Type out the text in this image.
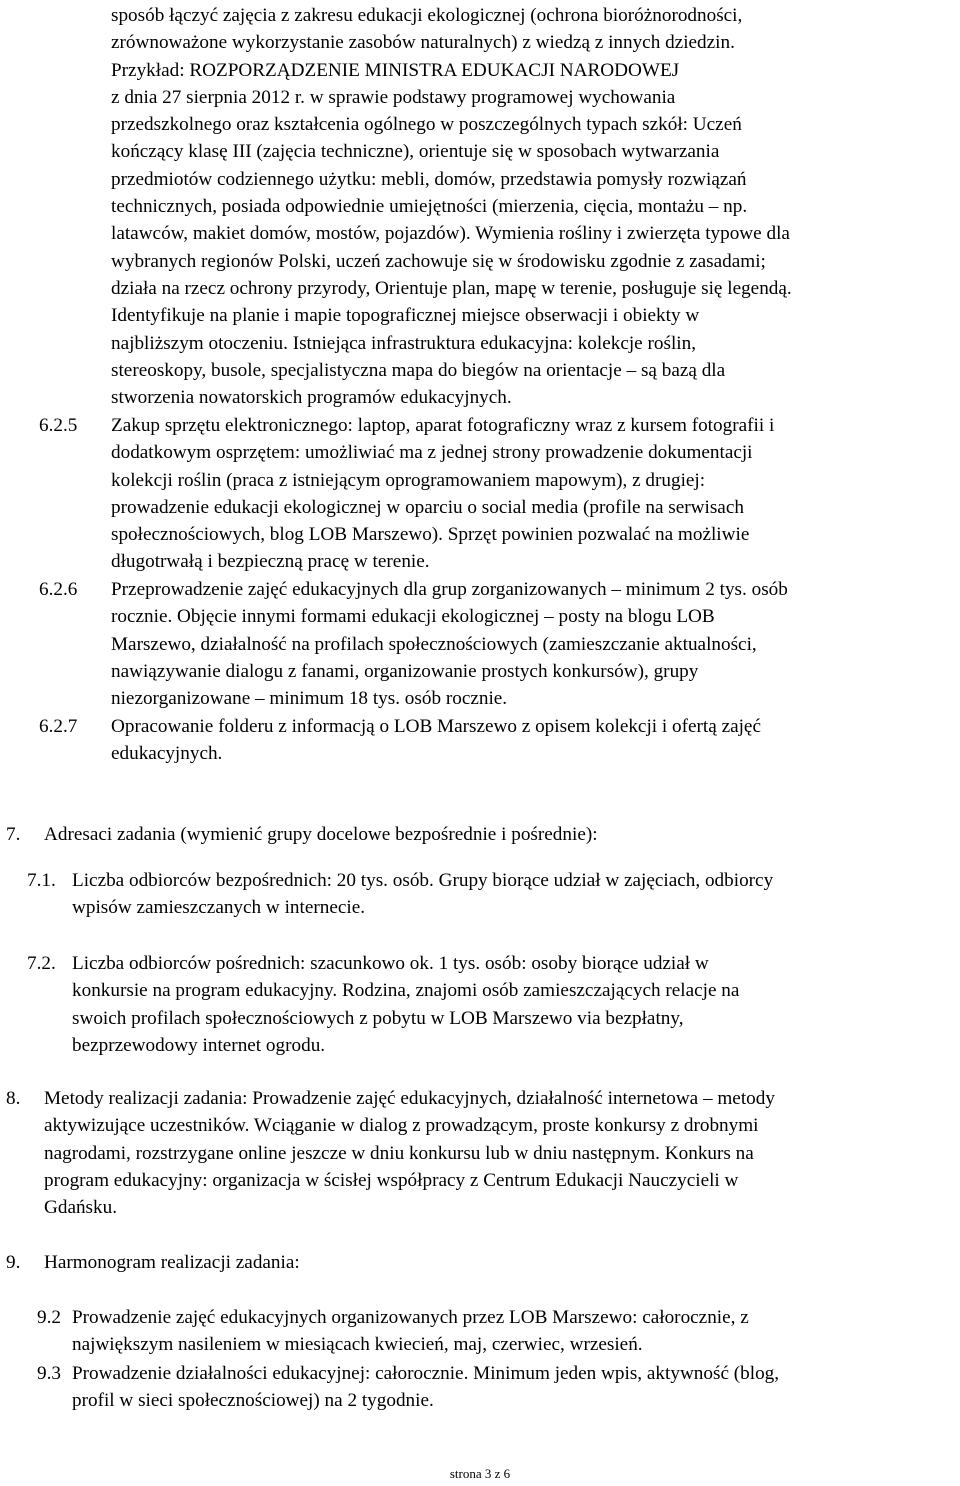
sposób łączyć zajęcia z zakresu edukacji ekologicznej (ochrona bioróżnorodności,
zrównoważone wykorzystanie zasobów naturalnych) z wiedzą z innych dziedzin.
Przykład: ROZPORZĄDZENIE MINISTRA EDUKACJI NARODOWEJ
z dnia 27 sierpnia 2012 r. w sprawie podstawy programowej wychowania
przedszkolnego oraz kształcenia ogólnego w poszczególnych typach szkół: Uczeń
kończący klasę III (zajęcia techniczne), orientuje się w sposobach wytwarzania
przedmiotów codziennego użytku: mebli, domów, przedstawia pomysły rozwiązań
technicznych, posiada odpowiednie umiejętności (mierzenia, cięcia, montażu – np.
latawców, makiet domów, mostów, pojazdów). Wymienia rośliny i zwierzęta typowe dla
wybranych regionów Polski, uczeń zachowuje się w środowisku zgodnie z zasadami;
działa na rzecz ochrony przyrody, Orientuje plan, mapę w terenie, posługuje się legendą.
Identyfikuje na planie i mapie topograficznej miejsce obserwacji i obiekty w
najbliższym otoczeniu. Istniejąca infrastruktura edukacyjna: kolekcje roślin,
stereoskopy, busole, specjalistyczna mapa do biegów na orientacje – są bazą dla
stworzenia nowatorskich programów edukacyjnych.
6.2.5 Zakup sprzętu elektronicznego: laptop, aparat fotograficzny wraz z kursem fotografii i
dodatkowym osprzętem: umożliwiać ma z jednej strony prowadzenie dokumentacji
kolekcji roślin (praca z istniejącym oprogramowaniem mapowym), z drugiej:
prowadzenie edukacji ekologicznej w oparciu o social media (profile na serwisach
społecznościowych, blog LOB Marszewo). Sprzęt powinien pozwalać na możliwie
długotrwałą i bezpieczną pracę w terenie.
6.2.6 Przeprowadzenie zajęć edukacyjnych dla grup zorganizowanych – minimum 2 tys. osób
rocznie. Objęcie innymi formami edukacji ekologicznej – posty na blogu LOB
Marszewo, działalność na profilach społecznościowych (zamieszczanie aktualności,
nawiązywanie dialogu z fanami, organizowanie prostych konkursów), grupy
niezorganizowane – minimum 18 tys. osób rocznie.
6.2.7 Opracowanie folderu z informacją o LOB Marszewo z opisem kolekcji i ofertą zajęć
edukacyjnych.
7. Adresaci zadania (wymienić grupy docelowe bezpośrednie i pośrednie):
7.1. Liczba odbiorców bezpośrednich: 20 tys. osób. Grupy biorące udział w zajęciach, odbiorcy
wpisów zamieszczanych w internecie.
7.2. Liczba odbiorców pośrednich: szacunkowo ok. 1 tys. osób: osoby biorące udział w
konkursie na program edukacyjny. Rodzina, znajomi osób zamieszczających relacje na
swoich profilach społecznościowych z pobytu w LOB Marszewo via bezpłatny,
bezprzewodowy internet ogrodu.
8. Metody realizacji zadania: Prowadzenie zajęć edukacyjnych, działalność internetowa – metody
aktywizujące uczestników. Wciąganie w dialog z prowadzącym, proste konkursy z drobnymi
nagrodami, rozstrzygane online jeszcze w dniu konkursu lub w dniu następnym. Konkurs na
program edukacyjny: organizacja w ścisłej współpracy z Centrum Edukacji Nauczycieli w
Gdańsku.
9. Harmonogram realizacji zadania:
9.2 Prowadzenie zajęć edukacyjnych organizowanych przez LOB Marszewo: całorocznie, z
największym nasileniem w miesiącach kwiecień, maj, czerwiec, wrzesień.
9.3 Prowadzenie działalności edukacyjnej: całorocznie. Minimum jeden wpis, aktywność (blog,
profil w sieci społecznościowej) na 2 tygodnie.
strona 3 z 6
